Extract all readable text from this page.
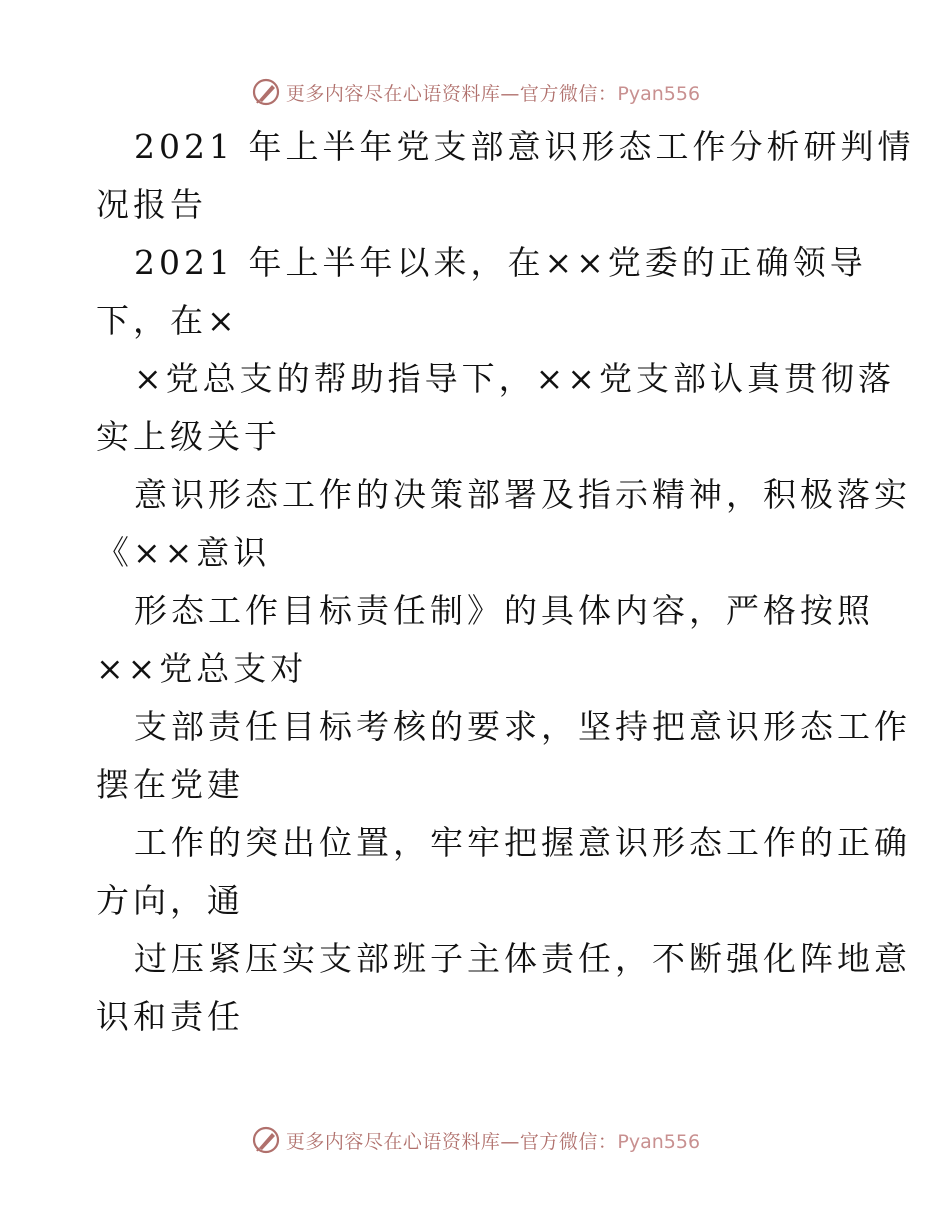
更多内容尽在心语资料库—官方微信：Pyan556
2021 年上半年党支部意识形态工作分析研判情
况报告
2021 年上半年以来，在××党委的正确领导
下，在×
×党总支的帮助指导下，××党支部认真贯彻落
实上级关于
意识形态工作的决策部署及指示精神，积极落实
《××意识
形态工作目标责任制》的具体内容，严格按照
××党总支对
支部责任目标考核的要求，坚持把意识形态工作
摆在党建
工作的突出位置，牢牢把握意识形态工作的正确
方向，通
过压紧压实支部班子主体责任，不断强化阵地意
识和责任
更多内容尽在心语资料库—官方微信：Pyan556
